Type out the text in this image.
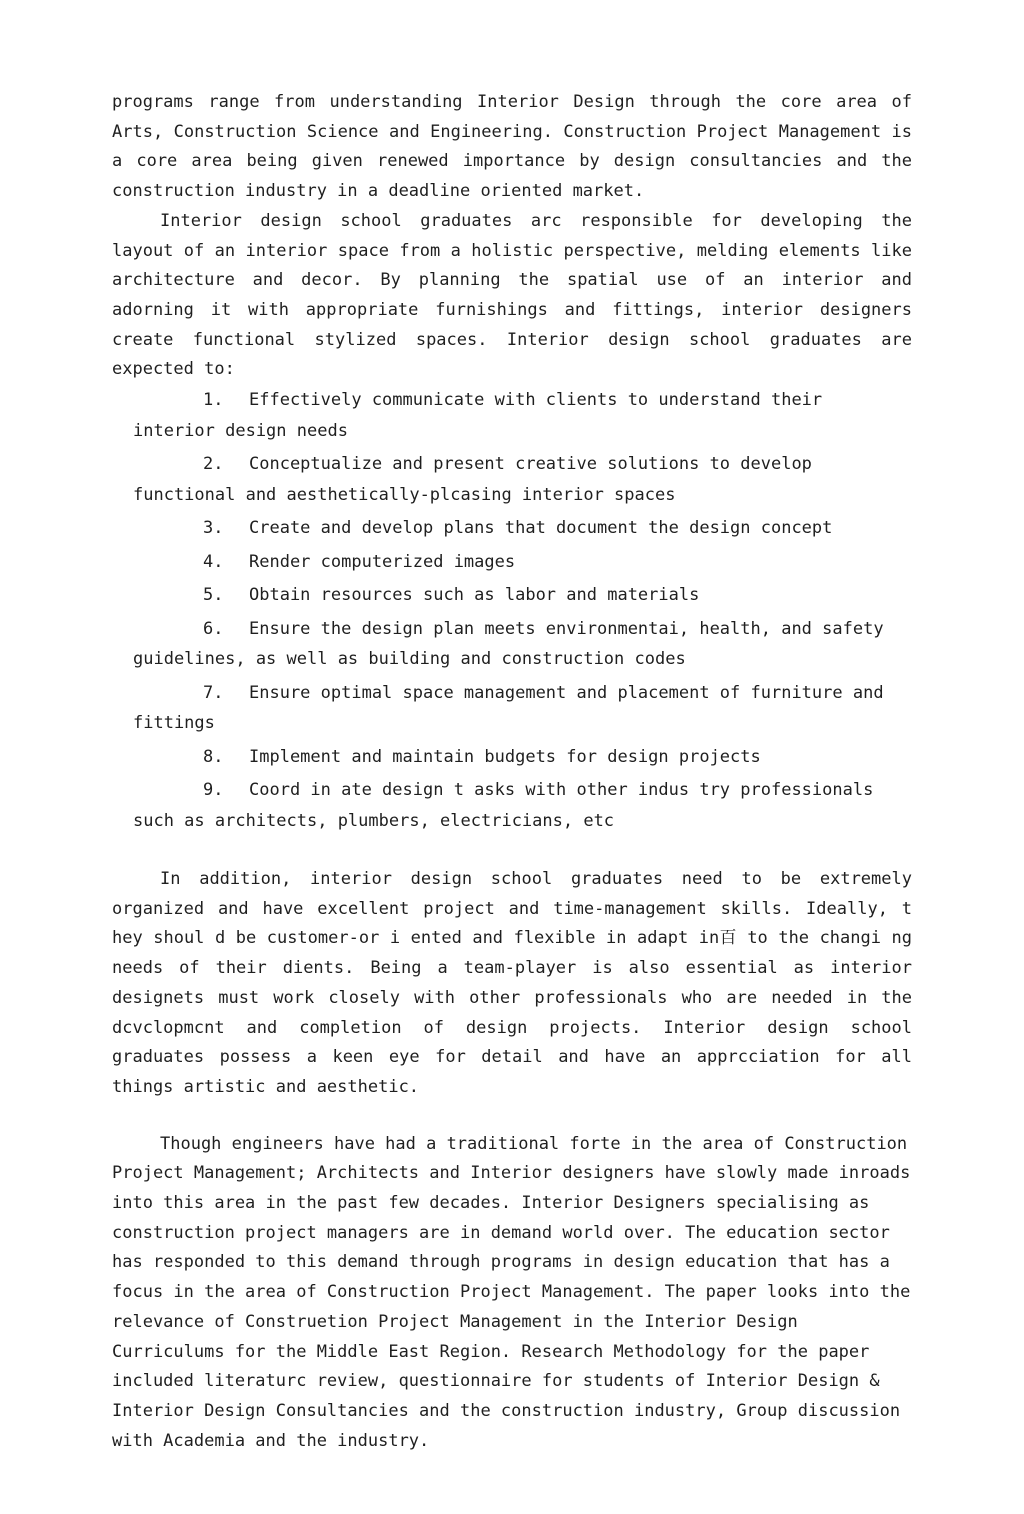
programs range from understanding Interior Design through the core area of Arts, Construction Science and Engineering. Construction Project Management is a core area being given renewed importance by design consultancies and the construction industry in a deadline oriented market.

Interior design school graduates arc responsible for developing the layout of an interior space from a holistic perspective, melding elements like architecture and decor. By planning the spatial use of an interior and adorning it with appropriate furnishings and fittings, interior designers create functional stylized spaces. Interior design school graduates are expected to:

1. Effectively communicate with clients to understand their interior design needs
2. Conceptualize and present creative solutions to develop functional and aesthetically-plcasing interior spaces
3. Create and develop plans that document the design concept
4. Render computerized images
5. Obtain resources such as labor and materials
6. Ensure the design plan meets environmentai, health, and safety guidelines, as well as building and construction codes
7. Ensure optimal space management and placement of furniture and fittings
8. Implement and maintain budgets for design projects
9. Coord in ate design t asks with other indus try professionals such as architects, plumbers, electricians, etc

In addition, interior design school graduates need to be extremely organized and have excellent project and time-management skills. Ideally, t hey shoul d be customer-or i ented and flexible in adapt in百 to the changi ng needs of their dients. Being a team-player is also essential as interior designets must work closely with other professionals who are needed in the dcvclopmcnt and completion of design projects. Interior design school graduates possess a keen eye for detail and have an apprcciation for all things artistic and aesthetic.

Though engineers have had a traditional forte in the area of Construction Project Management; Architects and Interior designers have slowly made inroads into this area in the past few decades. Interior Designers specialising as construction project managers are in demand world over. The education sector has responded to this demand through programs in design education that has a focus in the area of Construction Project Management. The paper looks into the relevance of Construetion Project Management in the Interior Design Curriculums for the Middle East Region. Research Methodology for the paper included literaturc review, questionnaire for students of Interior Design & Interior Design Consultancies and the construction industry, Group discussion with Academia and the industry.
